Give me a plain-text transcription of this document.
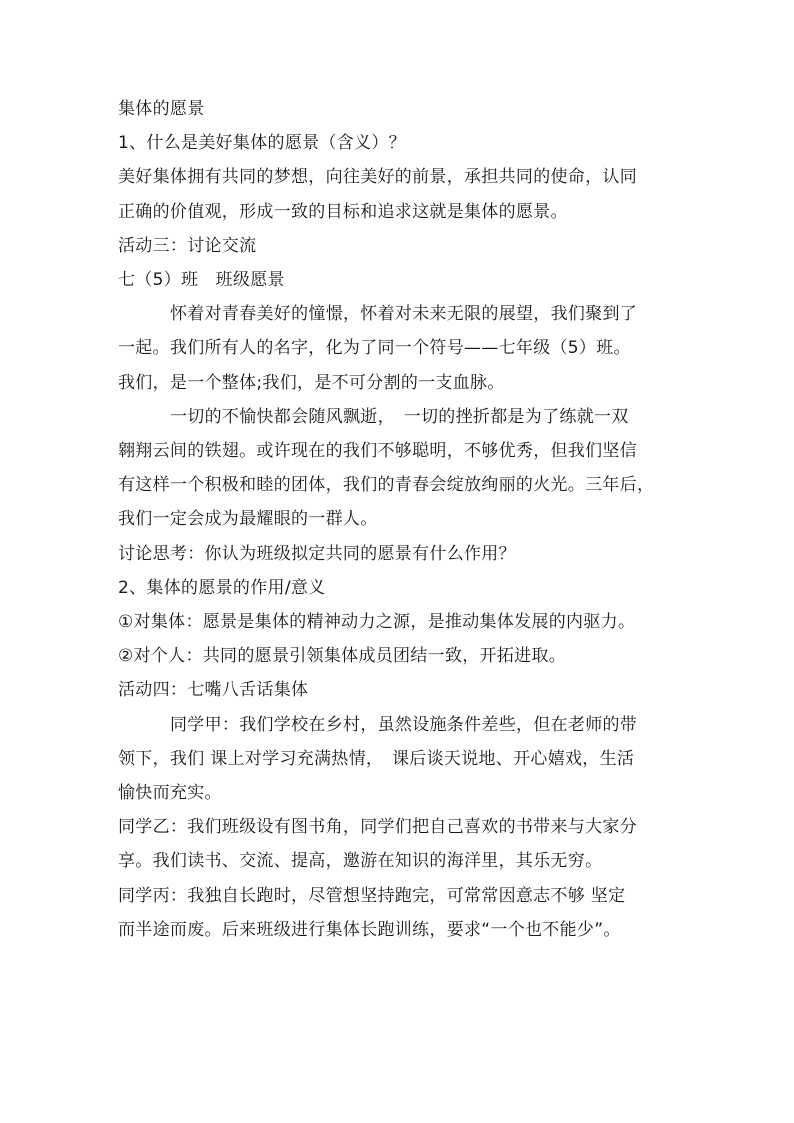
集体的愿景
1、什么是美好集体的愿景（含义）？
美好集体拥有共同的梦想，向往美好的前景，承担共同的使命，认同
正确的价值观，形成一致的目标和追求这就是集体的愿景。
活动三：讨论交流
七（5）班　班级愿景
怀着对青春美好的憧憬，怀着对未来无限的展望，我们聚到了
一起。我们所有人的名字，化为了同一个符号——七年级（5）班。
我们，是一个整体;我们，是不可分割的一支血脉。
一切的不愉快都会随风飘逝，　一切的挫折都是为了练就一双
翱翔云间的铁翅。或许现在的我们不够聪明，不够优秀，但我们坚信
有这样一个积极和睦的团体，我们的青春会绽放绚丽的火光。三年后，
我们一定会成为最耀眼的一群人。
讨论思考：你认为班级拟定共同的愿景有什么作用？
2、集体的愿景的作用/意义
①对集体：愿景是集体的精神动力之源，是推动集体发展的内驱力。
②对个人：共同的愿景引领集体成员团结一致，开拓进取。
活动四：七嘴八舌话集体
同学甲：我们学校在乡村，虽然设施条件差些，但在老师的带
领下，我们 课上对学习充满热情，　课后谈天说地、开心嬉戏，生活
愉快而充实。
同学乙：我们班级设有图书角，同学们把自己喜欢的书带来与大家分
享。我们读书、交流、提高，邀游在知识的海洋里，其乐无穷。
同学丙：我独自长跑时，尽管想坚持跑完，可常常因意志不够 坚定
而半途而废。后来班级进行集体长跑训练，要求“一个也不能少”。
